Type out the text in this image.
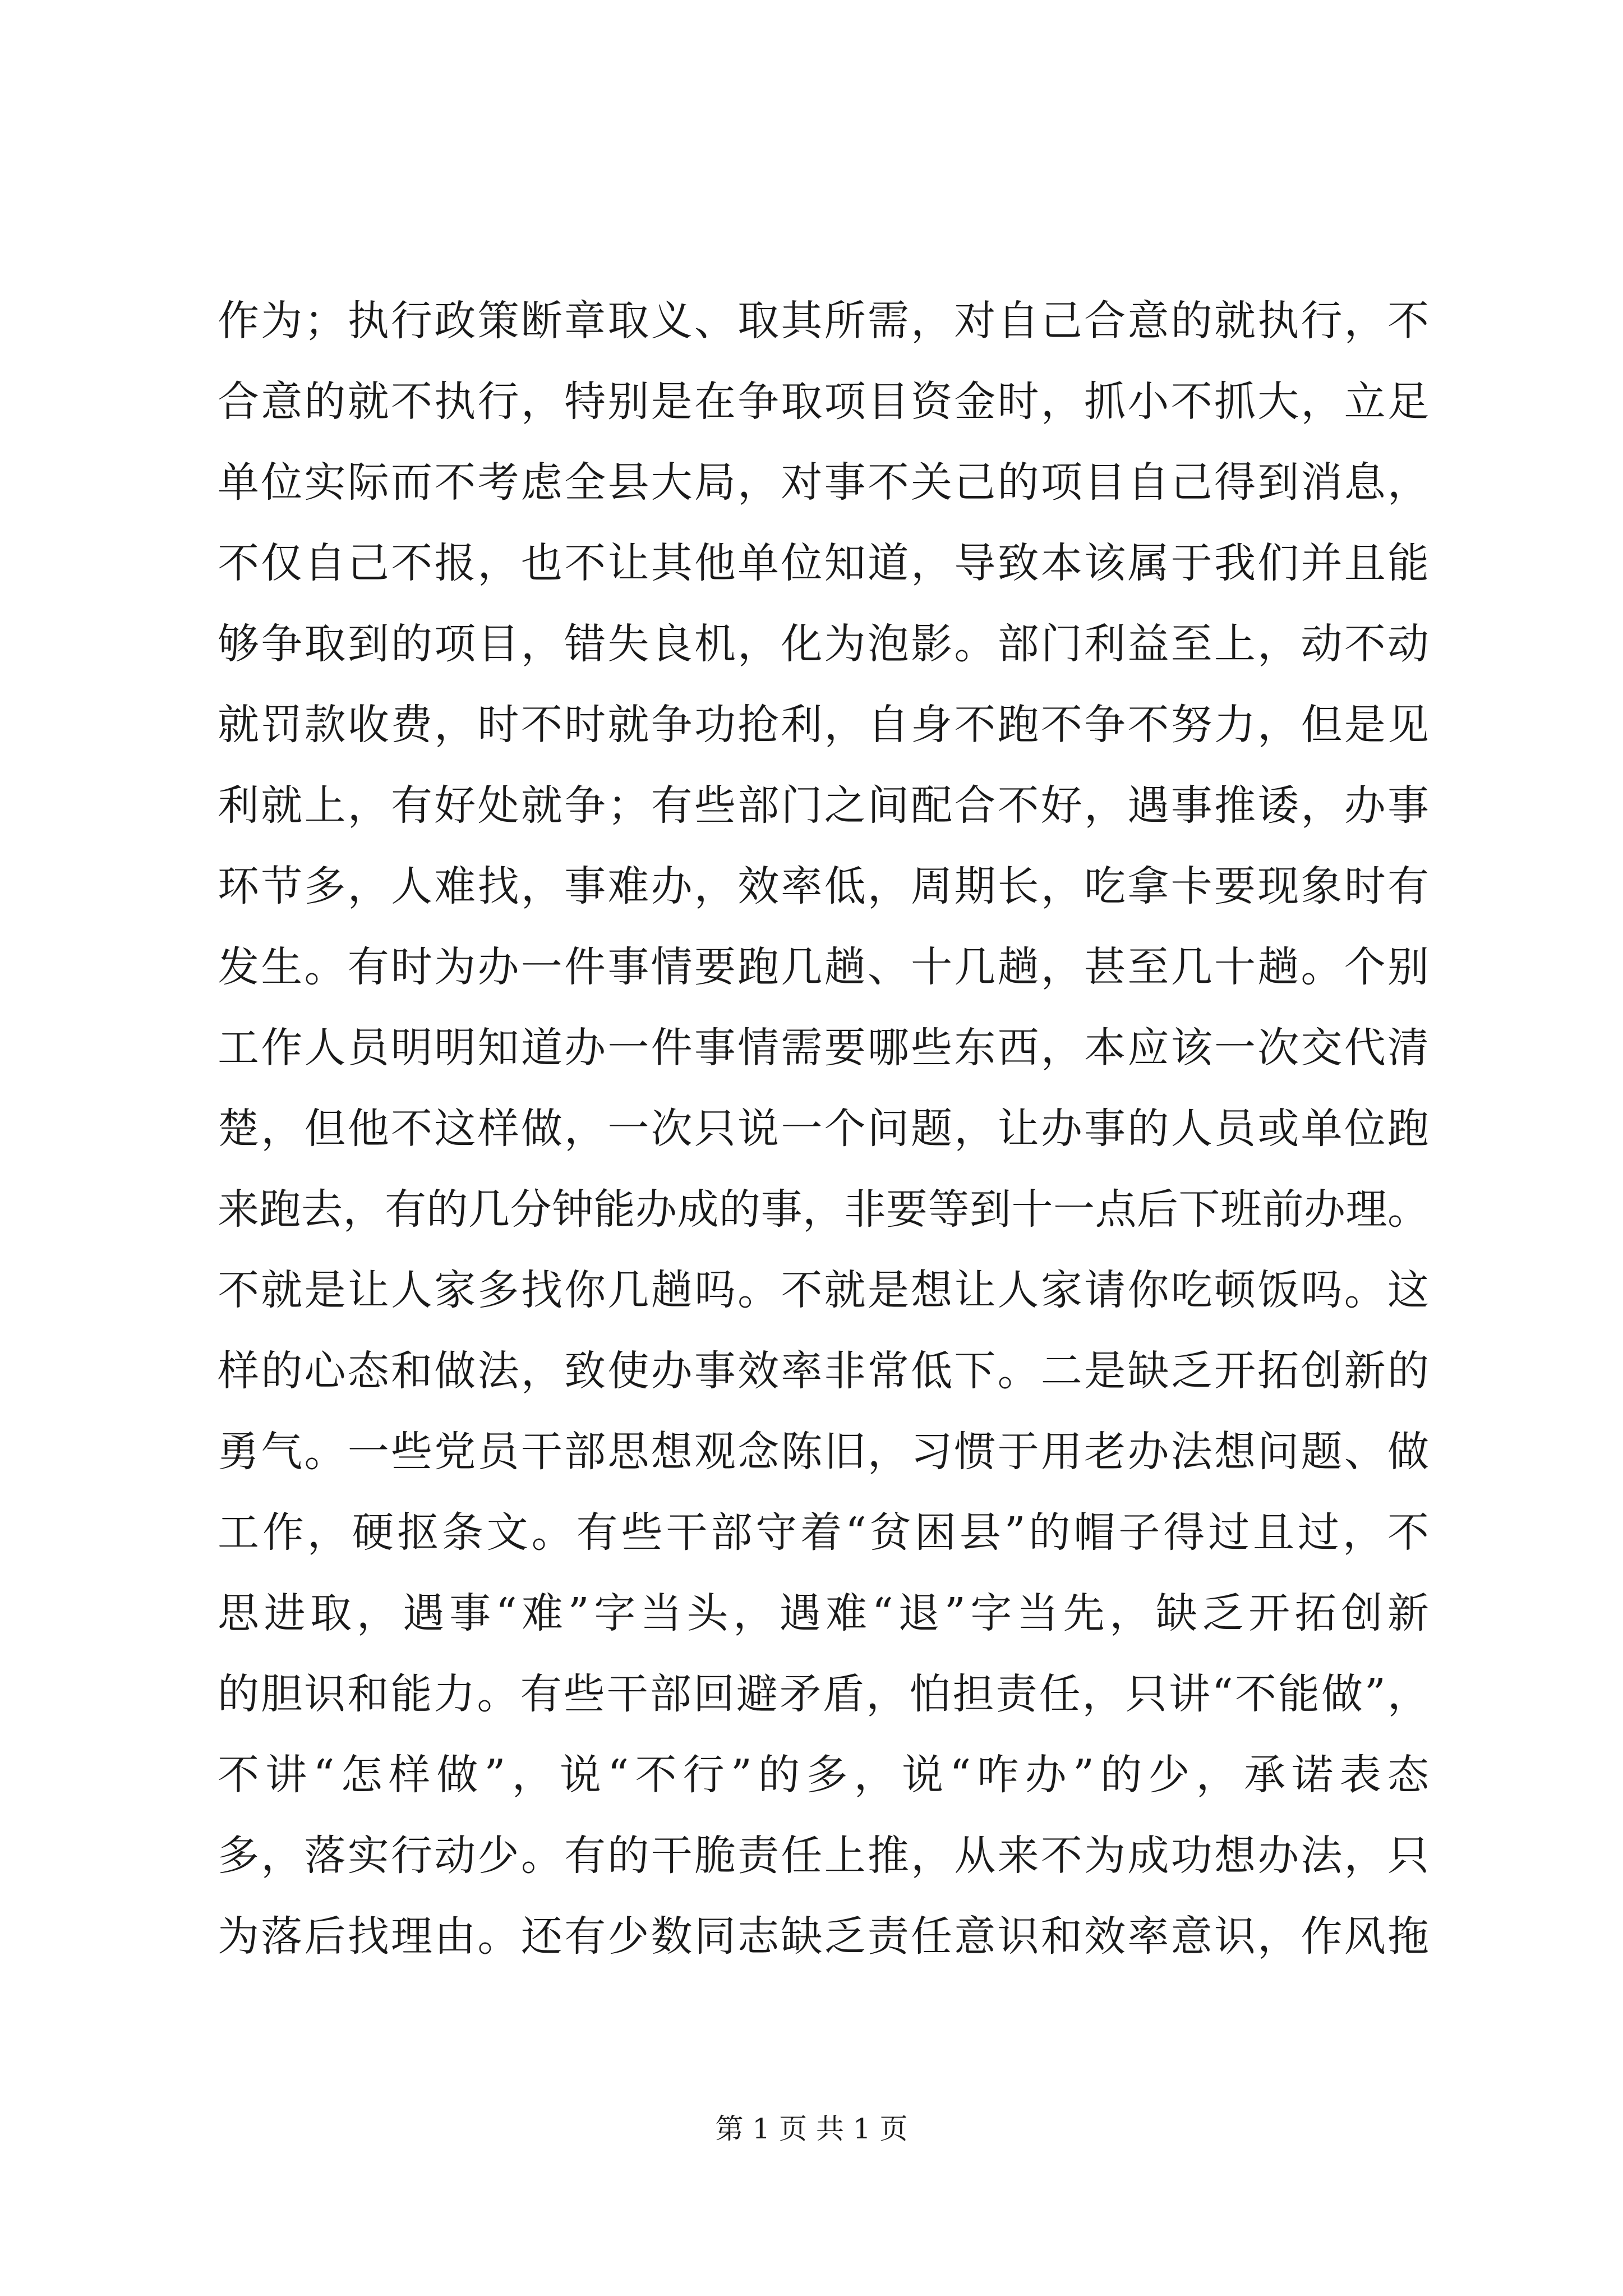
作为；执行政策断章取义、取其所需，对自己合意的就执行，不
合意的就不执行，特别是在争取项目资金时，抓小不抓大，立足
单位实际而不考虑全县大局，对事不关己的项目自己得到消息，
不仅自己不报，也不让其他单位知道，导致本该属于我们并且能
够争取到的项目，错失良机，化为泡影。部门利益至上，动不动
就罚款收费，时不时就争功抢利，自身不跑不争不努力，但是见
利就上，有好处就争；有些部门之间配合不好，遇事推诿，办事
环节多，人难找，事难办，效率低，周期长，吃拿卡要现象时有
发生。有时为办一件事情要跑几趟、十几趟，甚至几十趟。个别
工作人员明明知道办一件事情需要哪些东西，本应该一次交代清
楚，但他不这样做，一次只说一个问题，让办事的人员或单位跑
来跑去，有的几分钟能办成的事，非要等到十一点后下班前办理。
不就是让人家多找你几趟吗。不就是想让人家请你吃顿饭吗。这
样的心态和做法，致使办事效率非常低下。二是缺乏开拓创新的
勇气。一些党员干部思想观念陈旧，习惯于用老办法想问题、做
工作，硬抠条文。有些干部守着“贫困县”的帽子得过且过，不
思进取，遇事“难”字当头，遇难“退”字当先，缺乏开拓创新
的胆识和能力。有些干部回避矛盾，怕担责任，只讲“不能做”，
不讲“怎样做”，说“不行”的多，说“咋办”的少，承诺表态
多，落实行动少。有的干脆责任上推，从来不为成功想办法，只
为落后找理由。还有少数同志缺乏责任意识和效率意识，作风拖
第 1 页 共 1 页
